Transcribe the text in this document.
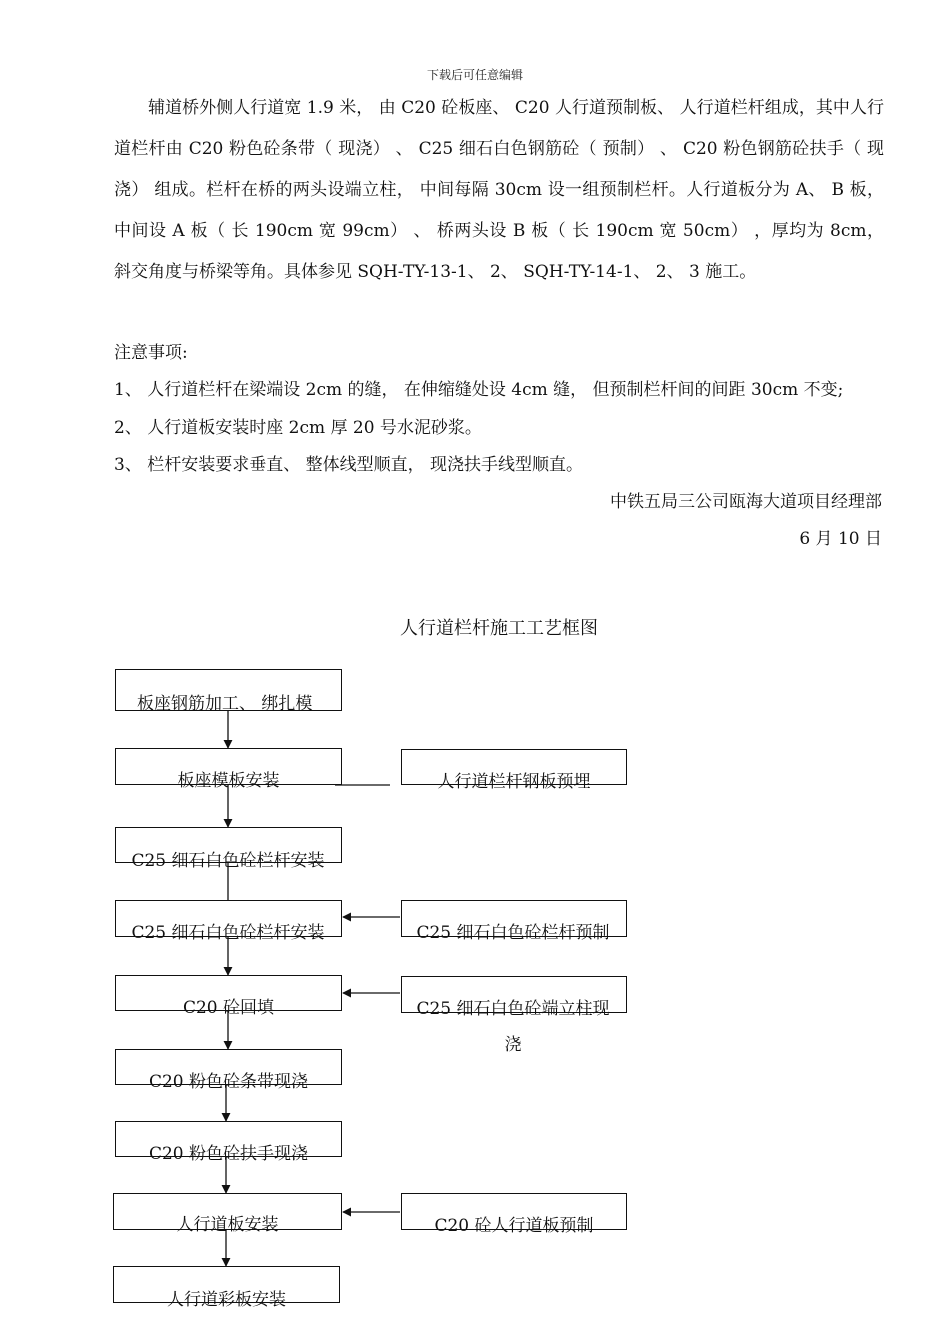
下载后可任意编辑
辅道桥外侧人行道宽 1.9 米， 由 C20 砼板座、 C20 人行道预制板、 人行道栏杆组成，其中人行道栏杆由 C20 粉色砼条带（ 现浇） 、 C25 细石白色钢筋砼（ 预制） 、 C20 粉色钢筋砼扶手（ 现浇） 组成。栏杆在桥的两头设端立柱， 中间每隔 30cm 设一组预制栏杆。人行道板分为 A、 B 板， 中间设 A 板（ 长 190cm 宽 99cm） 、 桥两头设 B 板（ 长 190cm 宽 50cm） ，厚均为 8cm， 斜交角度与桥梁等角。具体参见 SQH-TY-13-1、 2、 SQH-TY-14-1、 2、 3 施工。
注意事项:
1、 人行道栏杆在梁端设 2cm 的缝， 在伸缩缝处设 4cm 缝， 但预制栏杆间的间距 30cm 不变;
2、 人行道板安装时座 2cm 厚 20 号水泥砂浆。
3、 栏杆安装要求垂直、 整体线型顺直， 现浇扶手线型顺直。
中铁五局三公司瓯海大道项目经理部
6 月 10 日
人行道栏杆施工工艺框图
板座钢筋加工、 绑扎模
板座模板安装
C25 细石白色砼栏杆安装
C25 细石白色砼栏杆安装
C20 砼回填
C20 粉色砼条带现浇
C20 粉色砼扶手现浇
人行道板安装
人行道彩板安装
人行道栏杆钢板预埋
C25 细石白色砼栏杆预制
C25 细石白色砼端立柱现浇
C20 砼人行道板预制
